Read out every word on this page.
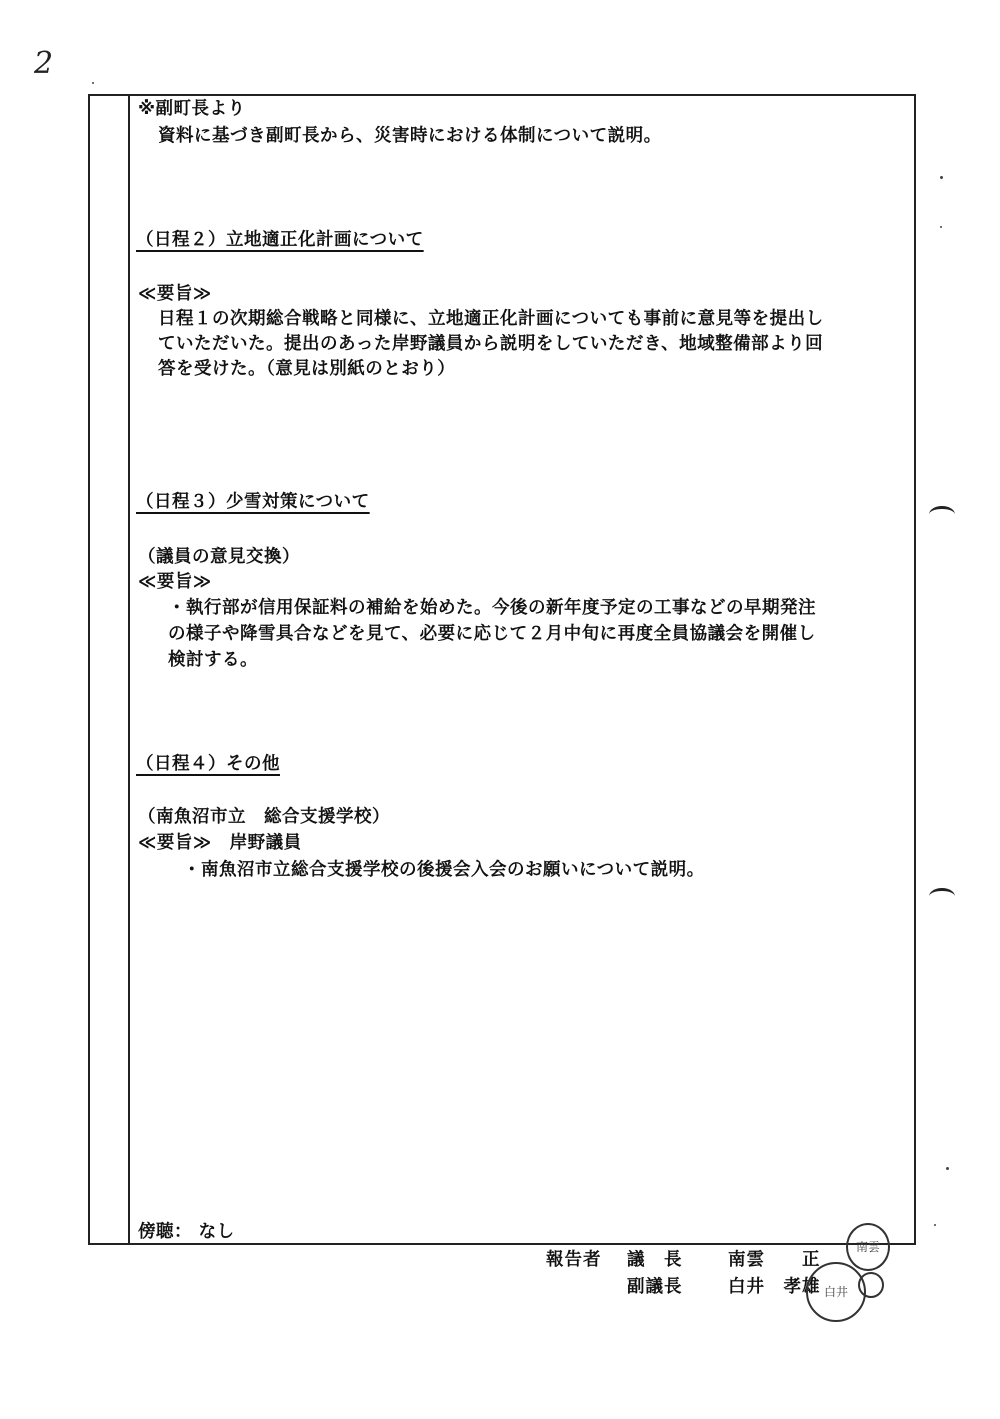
2
※副町長より
資料に基づき副町長から、災害時における体制について説明。
（日程２）立地適正化計画について
≪要旨≫
日程１の次期総合戦略と同様に、立地適正化計画についても事前に意見等を提出し
ていただいた。提出のあった岸野議員から説明をしていただき、地域整備部より回
答を受けた。（意見は別紙のとおり）
（日程３）少雪対策について
（議員の意見交換）
≪要旨≫
・執行部が信用保証料の補給を始めた。今後の新年度予定の工事などの早期発注
の様子や降雪具合などを見て、必要に応じて２月中旬に再度全員協議会を開催し
検討する。
（日程４）その他
（南魚沼市立　総合支援学校）
≪要旨≫　岸野議員
・南魚沼市立総合支援学校の後援会入会のお願いについて説明。
傍聴： なし
報告者 議　長	南雲　　正
副議長	白井　孝雄
南雲
白井
